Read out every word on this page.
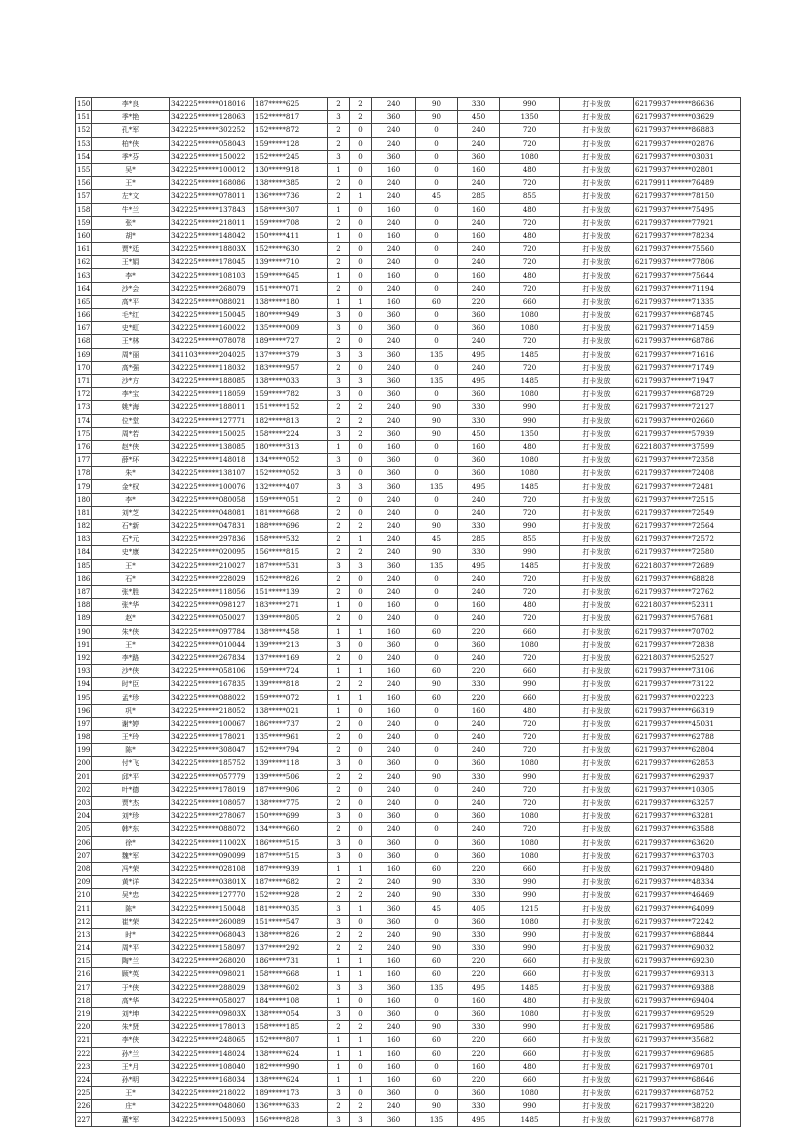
150	李*良	342225******018016	187*****625	2	2	240	90	330	990	打卡发放	62179937******86636
151	季*艳	342225******128063	152*****817	3	2	360	90	450	1350	打卡发放	62179937******03629
152	孔*军	342225******302252	152*****872	2	0	240	0	240	720	打卡发放	62179937******86883
153	柏*侠	342225******058043	159*****128	2	0	240	0	240	720	打卡发放	62179937******02876
154	季*芬	342225******150022	152*****245	3	0	360	0	360	1080	打卡发放	62179937******03031
155	吴*	342225******100012	130*****918	1	0	160	0	160	480	打卡发放	62179937******02801
156	王*	342225******168086	138*****385	2	0	240	0	240	720	打卡发放	62179911******76489
157	左*文	342225******078011	136*****736	2	1	240	45	285	855	打卡发放	62179937******78150
158	牛*兰	342225******137843	158*****307	1	0	160	0	160	480	打卡发放	62179937******75495
159	张*	342225******218011	159*****708	2	0	240	0	240	720	打卡发放	62179937******77921
160	胡*	342225******148042	150*****411	1	0	160	0	160	480	打卡发放	62179937******78234
161	贾*廷	342225******18803X	152*****630	2	0	240	0	240	720	打卡发放	62179937******75560
162	王*娟	342225******178045	139*****710	2	0	240	0	240	720	打卡发放	62179937******77806
163	李*	342225******108103	159*****645	1	0	160	0	160	480	打卡发放	62179937******75644
164	沙*会	342225******268079	151*****071	2	0	240	0	240	720	打卡发放	62179937******71194
165	高*平	342225******088021	138*****180	1	1	160	60	220	660	打卡发放	62179937******71335
166	毛*红	342225******150045	180*****949	3	0	360	0	360	1080	打卡发放	62179937******68745
167	史*虹	342225******160022	135*****009	3	0	360	0	360	1080	打卡发放	62179937******71459
168	王*林	342225******078078	189*****727	2	0	240	0	240	720	打卡发放	62179937******68786
169	周*丽	341103******204025	137*****379	3	3	360	135	495	1485	打卡发放	62179937******71616
170	高*强	342225******118032	183*****957	2	0	240	0	240	720	打卡发放	62179937******71749
171	沙*方	342225******188085	138*****033	3	3	360	135	495	1485	打卡发放	62179937******71947
172	李*宝	342225******118059	159*****782	3	0	360	0	360	1080	打卡发放	62179937******68729
173	姚*海	342225******188011	151*****152	2	2	240	90	330	990	打卡发放	62179937******72127
174	位*堂	342225******127771	182*****813	2	2	240	90	330	990	打卡发放	62179937******02660
175	周*若	342225******150025	158*****224	3	2	360	90	450	1350	打卡发放	62179937******57939
176	赵*侠	342225******138085	180*****313	1	0	160	0	160	480	打卡发放	62218037******37599
177	薛*环	342225******148018	134*****052	3	0	360	0	360	1080	打卡发放	62179937******72358
178	朱*	342225******138107	152*****052	3	0	360	0	360	1080	打卡发放	62179937******72408
179	金*权	342225******100076	132*****407	3	3	360	135	495	1485	打卡发放	62179937******72481
180	李*	342225******080058	159*****051	2	0	240	0	240	720	打卡发放	62179937******72515
181	刘*芝	342225******048081	181*****668	2	0	240	0	240	720	打卡发放	62179937******72549
182	石*新	342225******047831	188*****696	2	2	240	90	330	990	打卡发放	62179937******72564
183	石*元	342225******297836	158*****532	2	1	240	45	285	855	打卡发放	62179937******72572
184	史*康	342225******020095	156*****815	2	2	240	90	330	990	打卡发放	62179937******72580
185	王*	342225******210027	187*****531	3	3	360	135	495	1485	打卡发放	62218037******72689
186	石*	342225******228029	152*****826	2	0	240	0	240	720	打卡发放	62179937******68828
187	张*胜	342225******118056	151*****139	2	0	240	0	240	720	打卡发放	62179937******72762
188	张*华	342225******098127	183*****271	1	0	160	0	160	480	打卡发放	62218037******52311
189	赵*	342225******050027	139*****805	2	0	240	0	240	720	打卡发放	62179937******57681
190	朱*侠	342225******097784	138*****458	1	1	160	60	220	660	打卡发放	62179937******70702
191	王*	342225******010044	139*****213	3	0	360	0	360	1080	打卡发放	62179937******72838
192	李*路	342225******267834	137*****169	2	0	240	0	240	720	打卡发放	62218037******52527
193	沙*侠	342225******058106	159*****724	1	1	160	60	220	660	打卡发放	62179937******73106
194	时*臣	342225******167835	139*****818	2	2	240	90	330	990	打卡发放	62179937******73122
195	孟*珍	342225******088022	159*****072	1	1	160	60	220	660	打卡发放	62179937******02223
196	巩*	342225******218052	138*****021	1	0	160	0	160	480	打卡发放	62179937******66319
197	谢*婷	342225******100067	186*****737	2	0	240	0	240	720	打卡发放	62179937******45031
198	王*玲	342225******178021	135*****961	2	0	240	0	240	720	打卡发放	62179937******62788
199	陈*	342225******308047	152*****794	2	0	240	0	240	720	打卡发放	62179937******62804
200	付*飞	342225******185752	139*****118	3	0	360	0	360	1080	打卡发放	62179937******62853
201	邱*平	342225******057779	139*****506	2	2	240	90	330	990	打卡发放	62179937******62937
202	叶*德	342225******178019	187*****906	2	0	240	0	240	720	打卡发放	62179937******10305
203	贾*杰	342225******108057	138*****775	2	0	240	0	240	720	打卡发放	62179937******63257
204	刘*珍	342225******278067	150*****699	3	0	360	0	360	1080	打卡发放	62179937******63281
205	韩*东	342225******088072	134*****660	2	0	240	0	240	720	打卡发放	62179937******63588
206	徐*	342225******11002X	186*****515	3	0	360	0	360	1080	打卡发放	62179937******63620
207	魏*军	342225******090099	187*****515	3	0	360	0	360	1080	打卡发放	62179937******63703
208	冯*荣	342225******028108	187*****939	1	1	160	60	220	660	打卡发放	62179937******09480
209	黄*详	342225******03801X	187*****682	2	2	240	90	330	990	打卡发放	62179937******48334
210	吴*忠	342225******127770	152*****928	2	2	240	90	330	990	打卡发放	62179937******46469
211	陈*	342225******150048	181*****035	3	1	360	45	405	1215	打卡发放	62179937******64099
212	崔*荣	342225******260089	151*****547	3	0	360	0	360	1080	打卡发放	62179937******72242
213	时*	342225******068043	138*****826	2	2	240	90	330	990	打卡发放	62179937******68844
214	周*平	342225******158097	137*****292	2	2	240	90	330	990	打卡发放	62179937******69032
215	陶*兰	342225******268020	186*****731	1	1	160	60	220	660	打卡发放	62179937******69230
216	顾*英	342225******098021	158*****668	1	1	160	60	220	660	打卡发放	62179937******69313
217	于*侠	342225******288029	138*****602	3	3	360	135	495	1485	打卡发放	62179937******69388
218	高*华	342225******058027	184*****108	1	0	160	0	160	480	打卡发放	62179937******69404
219	刘*坤	342225******09803X	138*****054	3	0	360	0	360	1080	打卡发放	62179937******69529
220	朱*贤	342225******178013	158*****185	2	2	240	90	330	990	打卡发放	62179937******69586
221	李*侠	342225******248065	152*****807	1	1	160	60	220	660	打卡发放	62179937******35682
222	孙*兰	342225******148024	138*****624	1	1	160	60	220	660	打卡发放	62179937******69685
223	王*月	342225******108040	182*****990	1	0	160	0	160	480	打卡发放	62179937******69701
224	孙*明	342225******168034	138*****624	1	1	160	60	220	660	打卡发放	62179937******68646
225	王*	342225******218022	189*****173	3	0	360	0	360	1080	打卡发放	62179937******68752
226	庄*	342225******048060	136*****633	2	2	240	90	330	990	打卡发放	62179937******38220
227	董*军	342225******150093	156*****828	3	3	360	135	495	1485	打卡发放	62179937******68778
